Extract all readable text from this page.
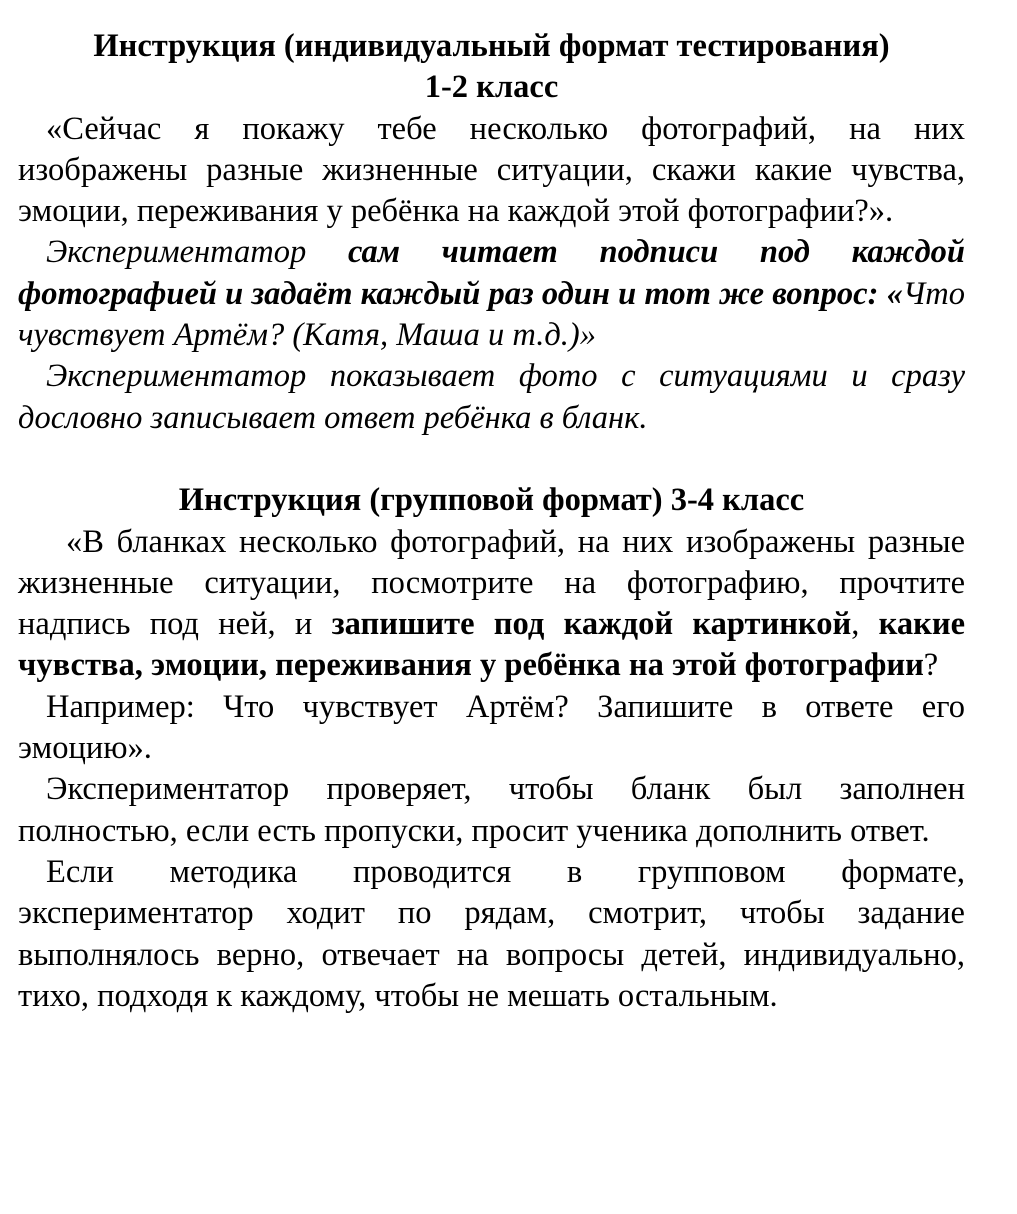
Инструкция (индивидуальный формат тестирования)
1-2 класс

«Сейчас я покажу тебе несколько фотографий, на них изображены разные жизненные ситуации, скажи какие чувства, эмоции, переживания у ребёнка на каждой этой фотографии?».

Экспериментатор сам читает подписи под каждой фотографией и задаёт каждый раз один и тот же вопрос: «Что чувствует Артём? (Катя, Маша и т.д.)»

Экспериментатор показывает фото с ситуациями и сразу дословно записывает ответ ребёнка в бланк.

Инструкция (групповой формат) 3-4 класс

«В бланках несколько фотографий, на них изображены разные жизненные ситуации, посмотрите на фотографию, прочтите надпись под ней, и запишите под каждой картинкой, какие чувства, эмоции, переживания у ребёнка на этой фотографии?

Например: Что чувствует Артём? Запишите в ответе его эмоцию».

Экспериментатор проверяет, чтобы бланк был заполнен полностью, если есть пропуски, просит ученика дополнить ответ.

Если методика проводится в групповом формате, экспериментатор ходит по рядам, смотрит, чтобы задание выполнялось верно, отвечает на вопросы детей, индивидуально, тихо, подходя к каждому, чтобы не мешать остальным.
